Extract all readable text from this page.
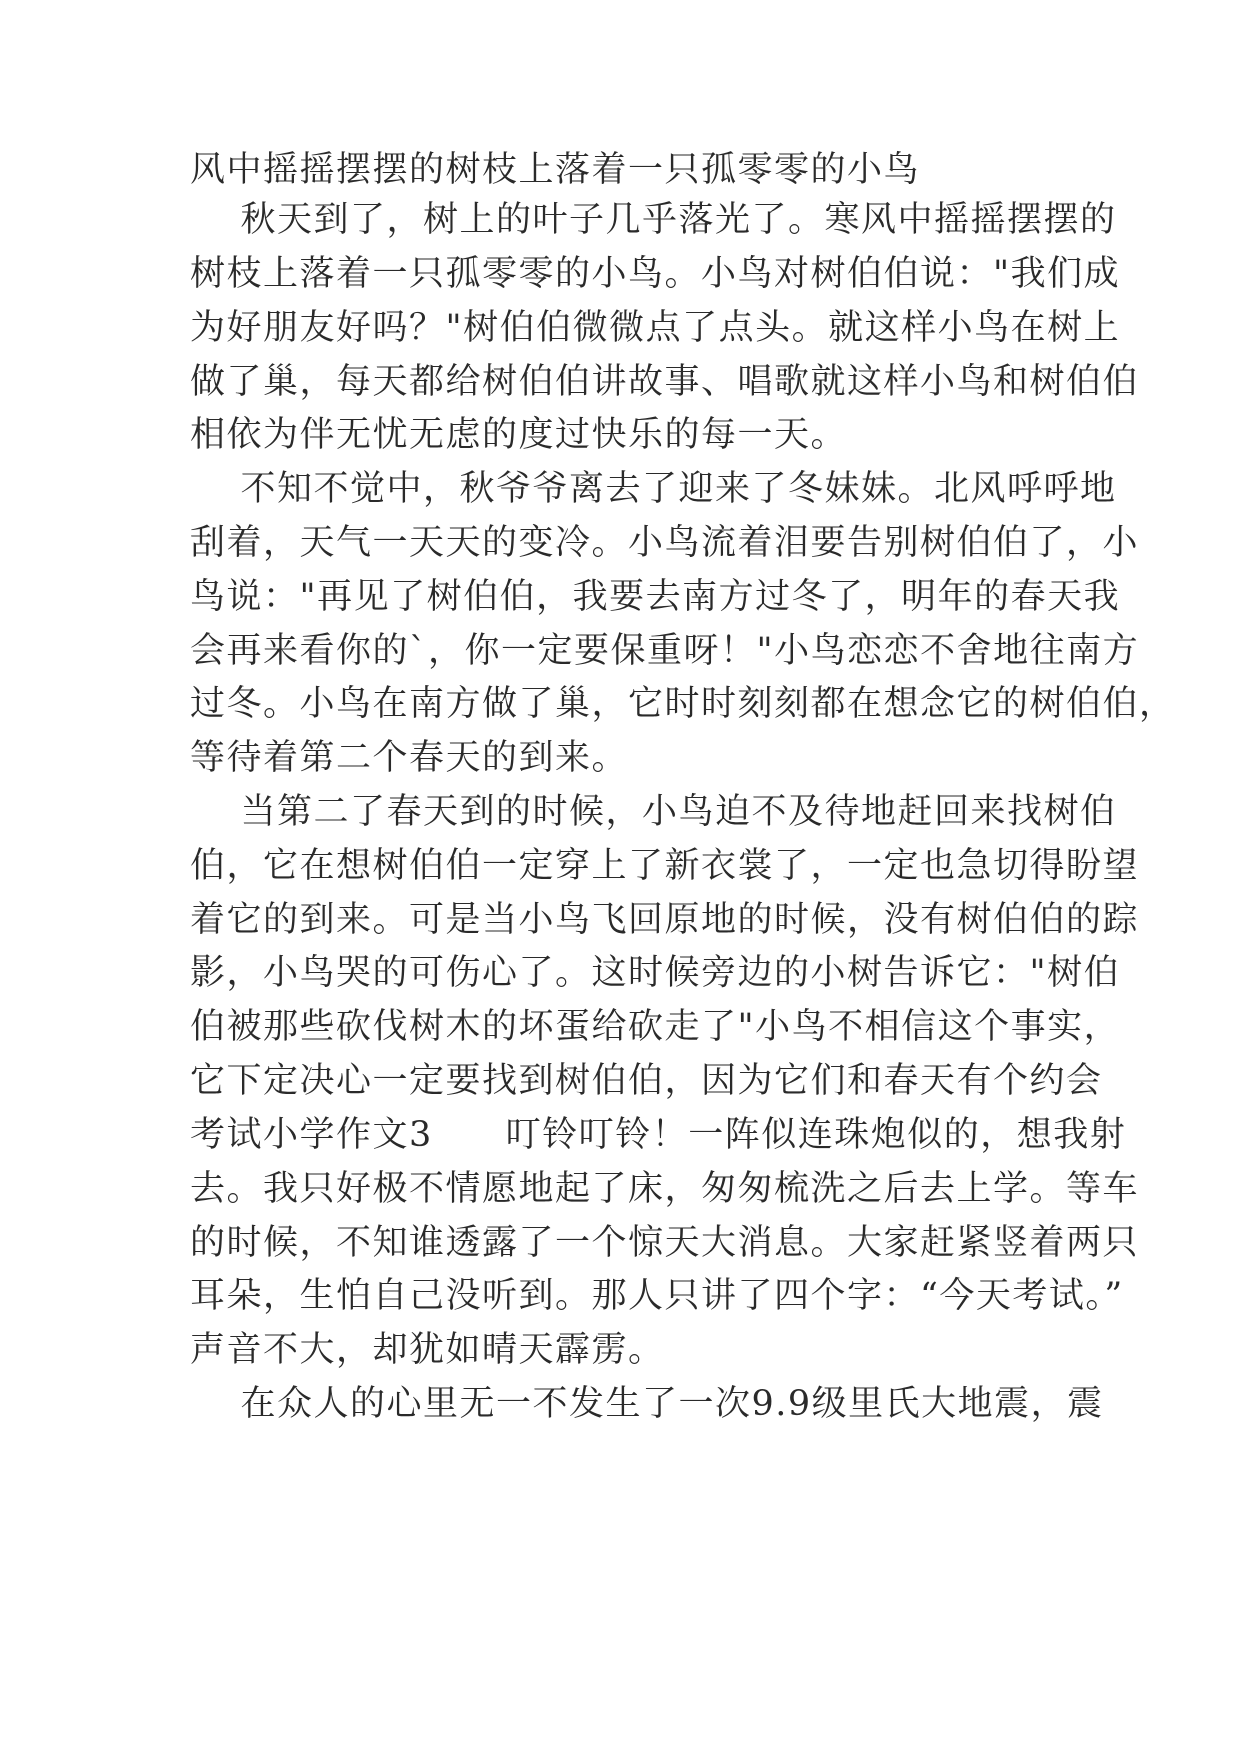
风中摇摇摆摆的树枝上落着一只孤零零的小鸟

秋天到了，树上的叶子几乎落光了。寒风中摇摇摆摆的

树枝上落着一只孤零零的小鸟。小鸟对树伯伯说："我们成

为好朋友好吗？"树伯伯微微点了点头。就这样小鸟在树上

做了巢，每天都给树伯伯讲故事、唱歌就这样小鸟和树伯伯

相依为伴无忧无虑的度过快乐的每一天。

不知不觉中，秋爷爷离去了迎来了冬妹妹。北风呼呼地

刮着，天气一天天的变冷。小鸟流着泪要告别树伯伯了，小

鸟说："再见了树伯伯，我要去南方过冬了，明年的春天我

会再来看你的`，你一定要保重呀！"小鸟恋恋不舍地往南方

过冬。小鸟在南方做了巢，它时时刻刻都在想念它的树伯伯，

等待着第二个春天的到来。

当第二了春天到的时候，小鸟迫不及待地赶回来找树伯

伯，它在想树伯伯一定穿上了新衣裳了，一定也急切得盼望

着它的到来。可是当小鸟飞回原地的时候，没有树伯伯的踪

影，小鸟哭的可伤心了。这时候旁边的小树告诉它："树伯

伯被那些砍伐树木的坏蛋给砍走了"小鸟不相信这个事实，

它下定决心一定要找到树伯伯，因为它们和春天有个约会

考试小学作文3　　叮铃叮铃！一阵似连珠炮似的，想我射

去。我只好极不情愿地起了床，匆匆梳洗之后去上学。等车

的时候，不知谁透露了一个惊天大消息。大家赶紧竖着两只

耳朵，生怕自己没听到。那人只讲了四个字：“今天考试。”

声音不大，却犹如晴天霹雳。

在众人的心里无一不发生了一次9.9级里氏大地震，震
